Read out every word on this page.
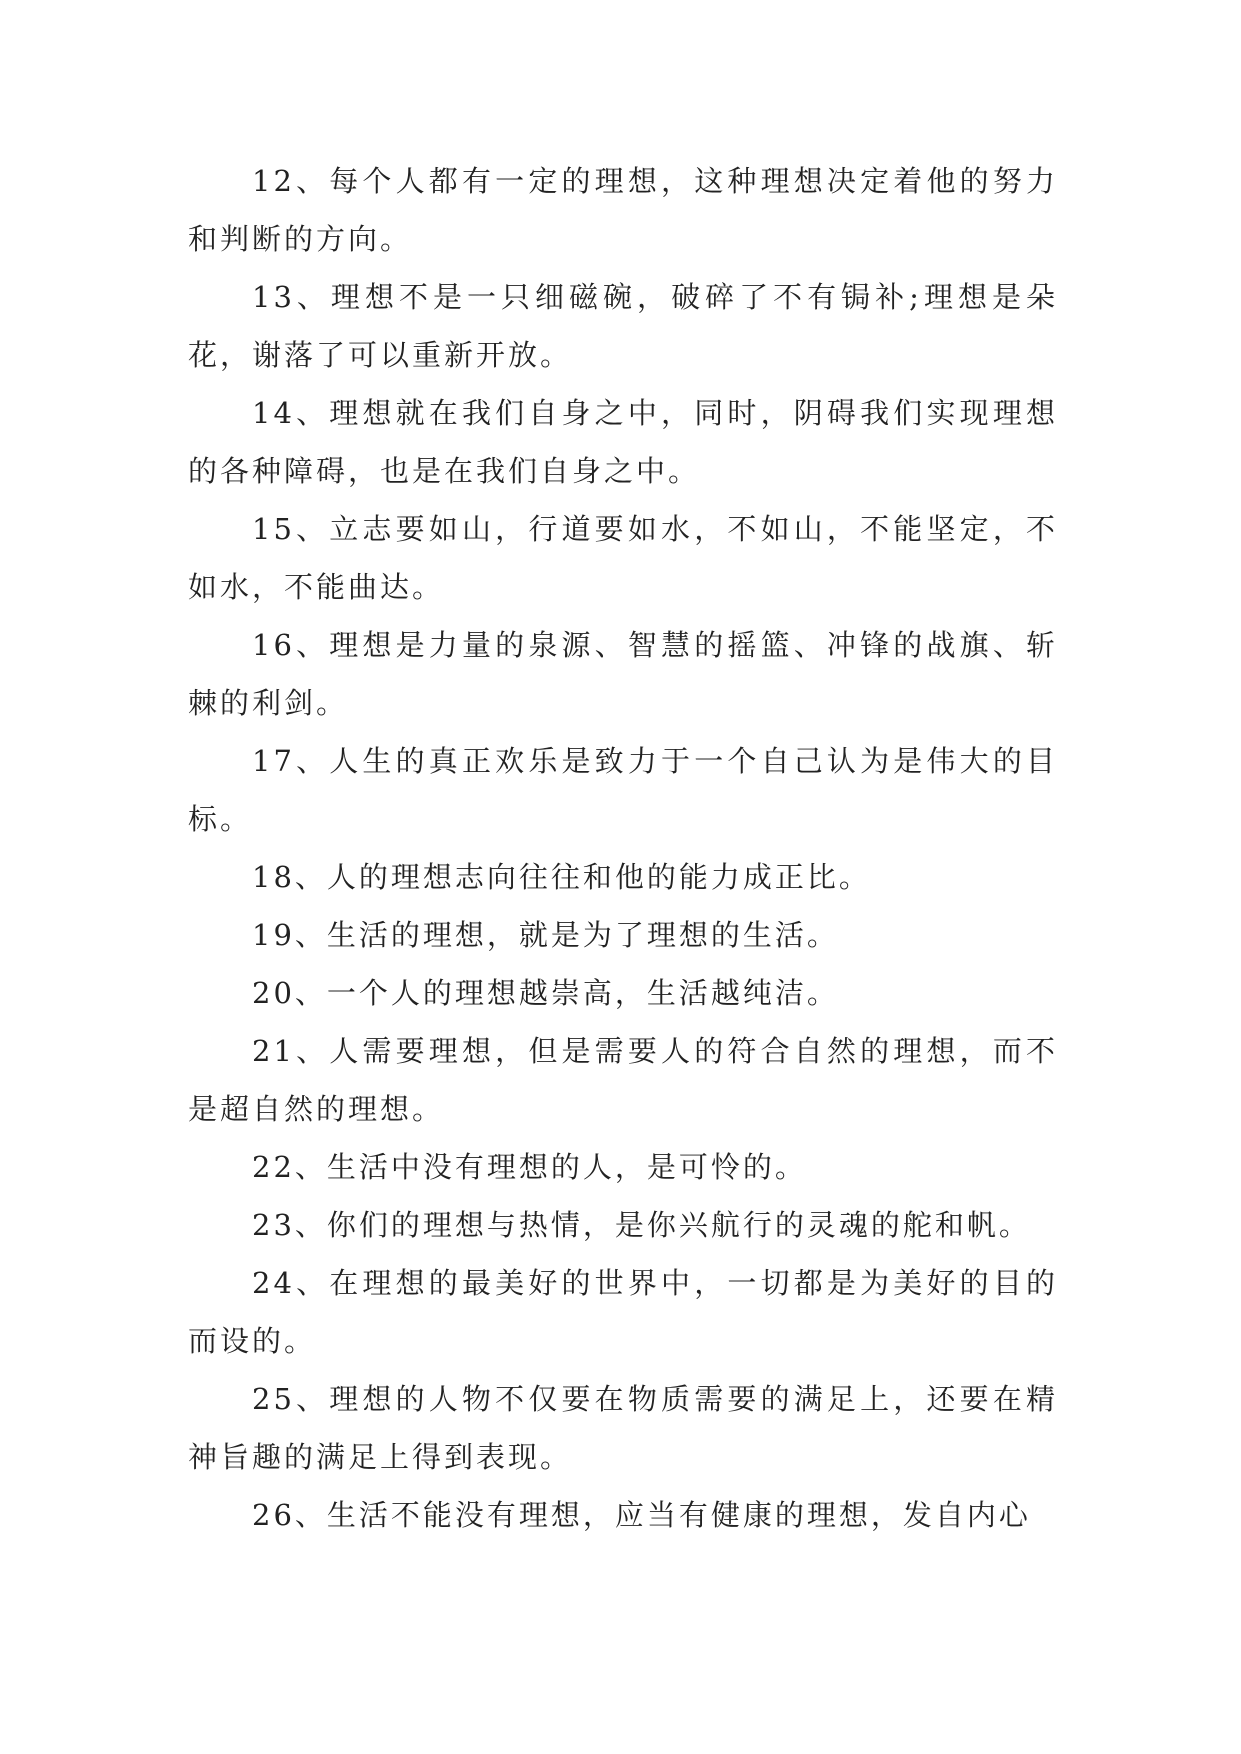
12、每个人都有一定的理想，这种理想决定着他的努力和判断的方向。

13、理想不是一只细磁碗，破碎了不有锔补;理想是朵花，谢落了可以重新开放。

14、理想就在我们自身之中，同时，阴碍我们实现理想的各种障碍，也是在我们自身之中。

15、立志要如山，行道要如水，不如山，不能坚定，不如水，不能曲达。

16、理想是力量的泉源、智慧的摇篮、冲锋的战旗、斩棘的利剑。

17、人生的真正欢乐是致力于一个自己认为是伟大的目标。

18、人的理想志向往往和他的能力成正比。

19、生活的理想，就是为了理想的生活。

20、一个人的理想越崇高，生活越纯洁。

21、人需要理想，但是需要人的符合自然的理想，而不是超自然的理想。

22、生活中没有理想的人，是可怜的。

23、你们的理想与热情，是你兴航行的灵魂的舵和帆。

24、在理想的最美好的世界中，一切都是为美好的目的而设的。

25、理想的人物不仅要在物质需要的满足上，还要在精神旨趣的满足上得到表现。

26、生活不能没有理想，应当有健康的理想，发自内心
